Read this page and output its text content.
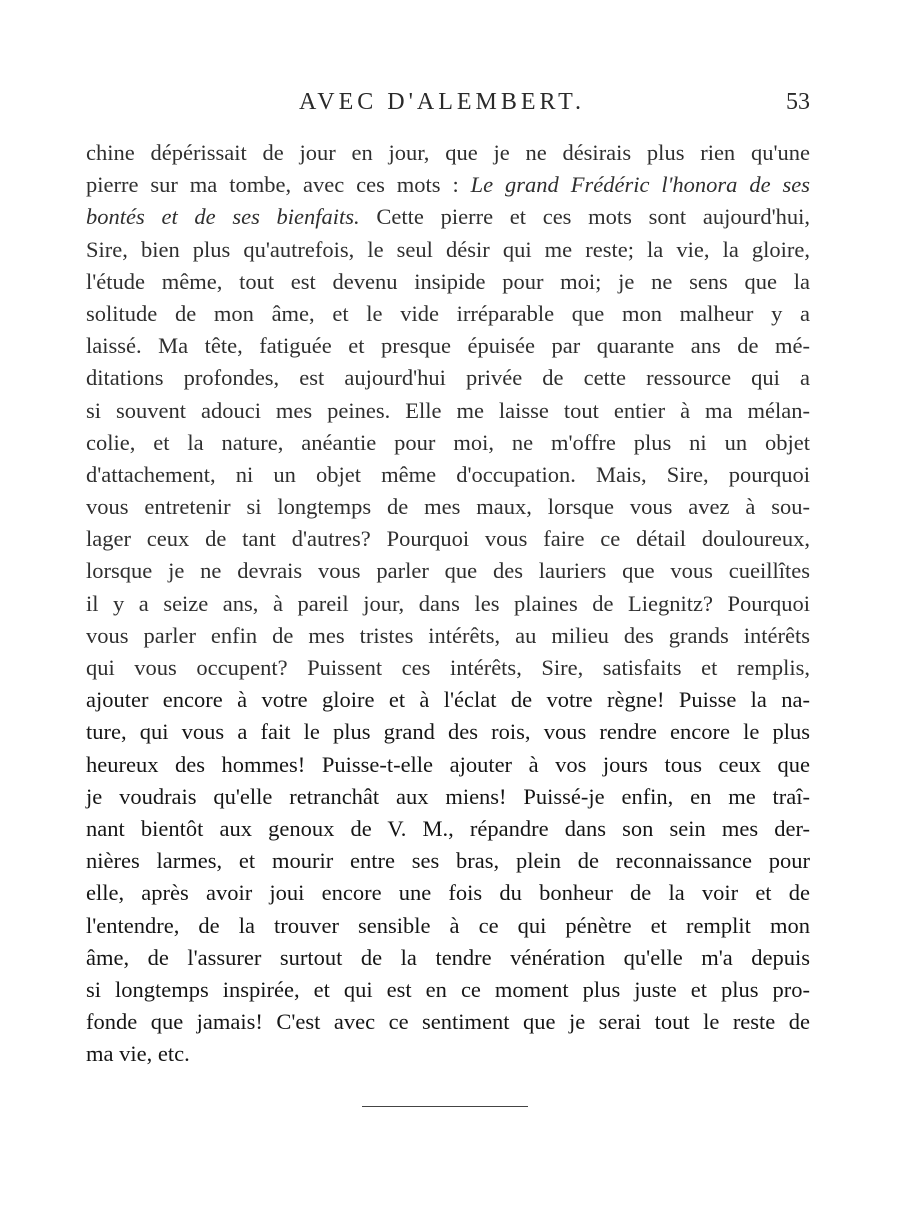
AVEC D'ALEMBERT.	53
chine dépérissait de jour en jour, que je ne désirais plus rien qu'une
pierre sur ma tombe, avec ces mots : Le grand Frédéric l'honora de ses
bontés et de ses bienfaits. Cette pierre et ces mots sont aujourd'hui,
Sire, bien plus qu'autrefois, le seul désir qui me reste; la vie, la gloire,
l'étude même, tout est devenu insipide pour moi; je ne sens que la
solitude de mon âme, et le vide irréparable que mon malheur y a
laissé. Ma tête, fatiguée et presque épuisée par quarante ans de mé-
ditations profondes, est aujourd'hui privée de cette ressource qui a
si souvent adouci mes peines. Elle me laisse tout entier à ma mélan-
colie, et la nature, anéantie pour moi, ne m'offre plus ni un objet
d'attachement, ni un objet même d'occupation. Mais, Sire, pourquoi
vous entretenir si longtemps de mes maux, lorsque vous avez à sou-
lager ceux de tant d'autres? Pourquoi vous faire ce détail douloureux,
lorsque je ne devrais vous parler que des lauriers que vous cueillîtes
il y a seize ans, à pareil jour, dans les plaines de Liegnitz? Pourquoi
vous parler enfin de mes tristes intérêts, au milieu des grands intérêts
qui vous occupent? Puissent ces intérêts, Sire, satisfaits et remplis,
ajouter encore à votre gloire et à l'éclat de votre règne! Puisse la na-
ture, qui vous a fait le plus grand des rois, vous rendre encore le plus
heureux des hommes! Puisse-t-elle ajouter à vos jours tous ceux que
je voudrais qu'elle retranchât aux miens! Puissé-je enfin, en me traî-
nant bientôt aux genoux de V. M., répandre dans son sein mes der-
nières larmes, et mourir entre ses bras, plein de reconnaissance pour
elle, après avoir joui encore une fois du bonheur de la voir et de
l'entendre, de la trouver sensible à ce qui pénètre et remplit mon
âme, de l'assurer surtout de la tendre vénération qu'elle m'a depuis
si longtemps inspirée, et qui est en ce moment plus juste et plus pro-
fonde que jamais! C'est avec ce sentiment que je serai tout le reste de
ma vie, etc.
